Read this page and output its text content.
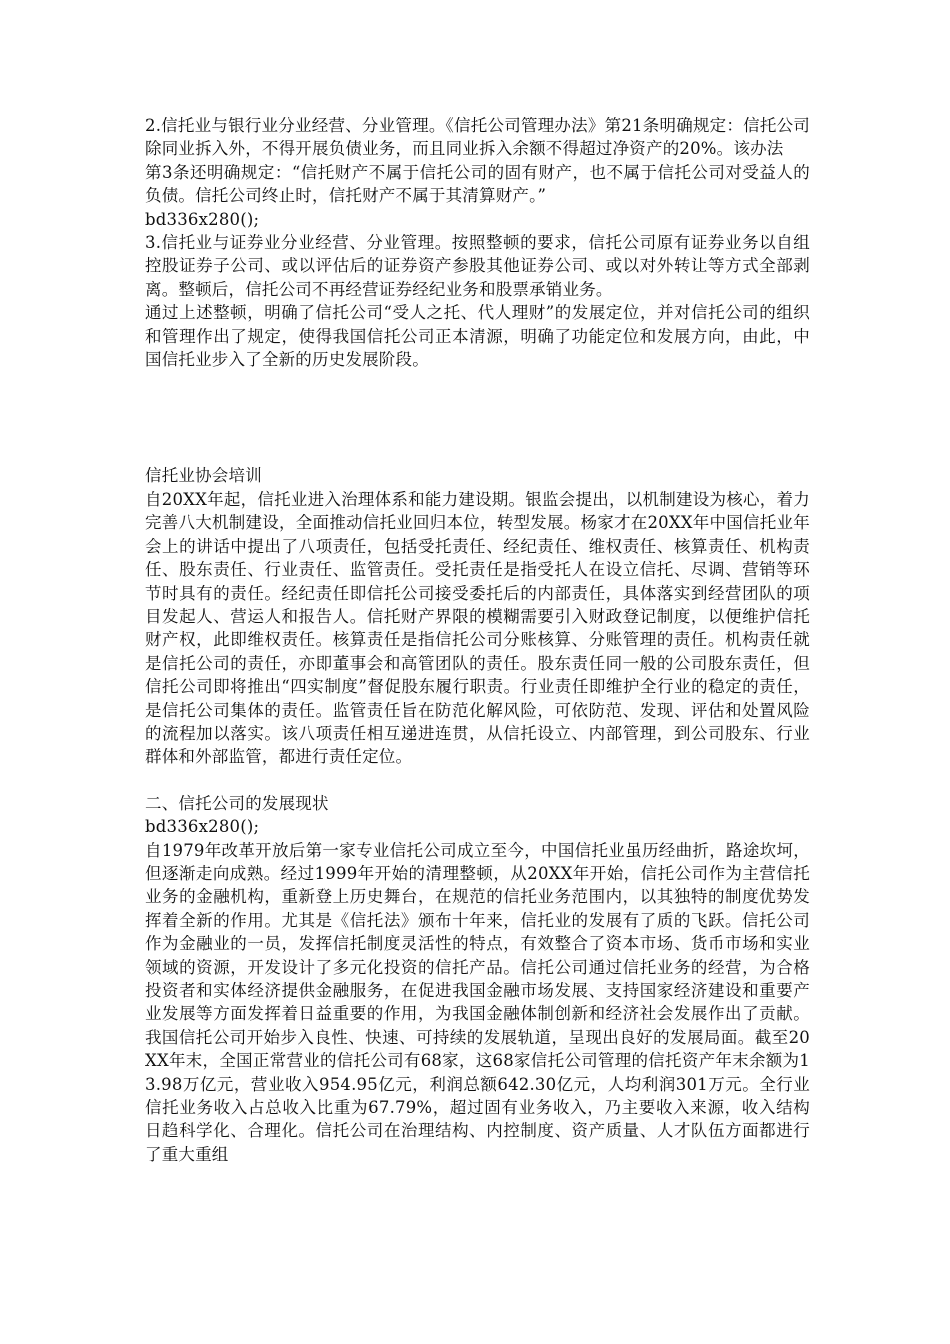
2.信托业与银行业分业经营、分业管理。《信托公司管理办法》第21条明确规定：信托公司除同业拆入外，不得开展负债业务，而且同业拆入余额不得超过净资产的20%。该办法

第3条还明确规定：“信托财产不属于信托公司的固有财产，也不属于信托公司对受益人的负债。信托公司终止时，信托财产不属于其清算财产。”

bd336x280();

3.信托业与证券业分业经营、分业管理。按照整顿的要求，信托公司原有证券业务以自组控股证券子公司、或以评估后的证券资产参股其他证券公司、或以对外转让等方式全部剥离。整顿后，信托公司不再经营证券经纪业务和股票承销业务。

通过上述整顿，明确了信托公司“受人之托、代人理财”的发展定位，并对信托公司的组织和管理作出了规定，使得我国信托公司正本清源，明确了功能定位和发展方向，由此，中国信托业步入了全新的历史发展阶段。

信托业协会培训

自20XX年起，信托业进入治理体系和能力建设期。银监会提出，以机制建设为核心，着力完善八大机制建设，全面推动信托业回归本位，转型发展。杨家才在20XX年中国信托业年会上的讲话中提出了八项责任，包括受托责任、经纪责任、维权责任、核算责任、机构责任、股东责任、行业责任、监管责任。受托责任是指受托人在设立信托、尽调、营销等环节时具有的责任。经纪责任即信托公司接受委托后的内部责任，具体落实到经营团队的项目发起人、营运人和报告人。信托财产界限的模糊需要引入财政登记制度，以便维护信托财产权，此即维权责任。核算责任是指信托公司分账核算、分账管理的责任。机构责任就是信托公司的责任，亦即董事会和高管团队的责任。股东责任同一般的公司股东责任，但信托公司即将推出“四实制度”督促股东履行职责。行业责任即维护全行业的稳定的责任，是信托公司集体的责任。监管责任旨在防范化解风险，可依防范、发现、评估和处置风险的流程加以落实。该八项责任相互递进连贯，从信托设立、内部管理，到公司股东、行业群体和外部监管，都进行责任定位。

二、信托公司的发展现状

bd336x280();

自1979年改革开放后第一家专业信托公司成立至今，中国信托业虽历经曲折，路途坎坷，但逐渐走向成熟。经过1999年开始的清理整顿，从20XX年开始，信托公司作为主营信托业务的金融机构，重新登上历史舞台，在规范的信托业务范围内，以其独特的制度优势发挥着全新的作用。尤其是《信托法》颁布十年来，信托业的发展有了质的飞跃。信托公司作为金融业的一员，发挥信托制度灵活性的特点，有效整合了资本市场、货币市场和实业领域的资源，开发设计了多元化投资的信托产品。信托公司通过信托业务的经营，为合格投资者和实体经济提供金融服务，在促进我国金融市场发展、支持国家经济建设和重要产业发展等方面发挥着日益重要的作用，为我国金融体制创新和经济社会发展作出了贡献。我国信托公司开始步入良性、快速、可持续的发展轨道，呈现出良好的发展局面。截至20XX年末，全国正常营业的信托公司有68家，这68家信托公司管理的信托资产年末余额为13.98万亿元，营业收入954.95亿元，利润总额642.30亿元，人均利润301万元。全行业信托业务收入占总收入比重为67.79%，超过固有业务收入，乃主要收入来源，收入结构日趋科学化、合理化。信托公司在治理结构、内控制度、资产质量、人才队伍方面都进行了重大重组
